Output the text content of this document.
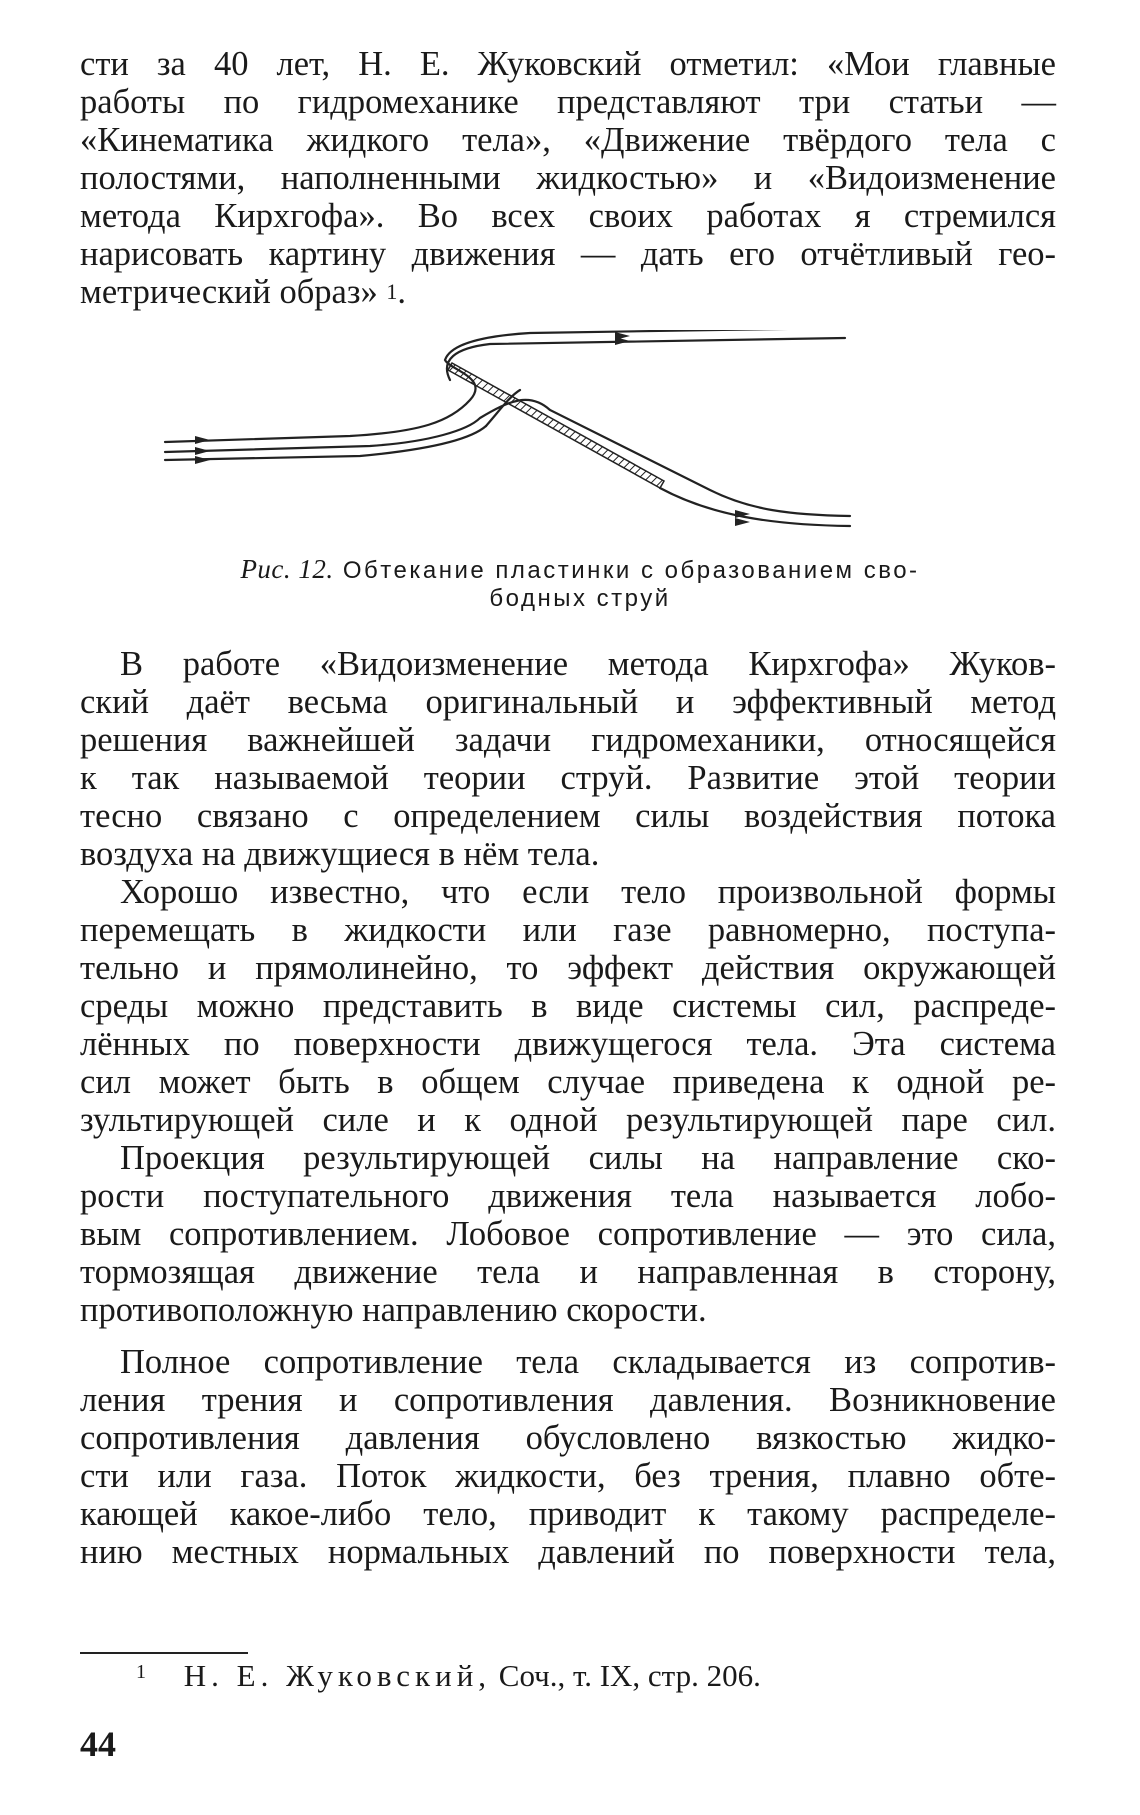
сти за 40 лет, Н. Е. Жуковский отметил: «Мои главные
работы по гидромеханике представляют три статьи —
«Кинематика жидкого тела», «Движение твёрдого тела с
полостями, наполненными жидкостью» и «Видоизменение
метода Кирхгофа». Во всех своих работах я стремился
нарисовать картину движения — дать его отчётливый гео-
метрический образ» $^1$.
Рис. 12. Обтекание пластинки с образованием сво-
бодных струй
В работе «Видоизменение метода Кирхгофа» Жуков-
ский даёт весьма оригинальный и эффективный метод
решения важнейшей задачи гидромеханики, относящейся
к так называемой теории струй. Развитие этой теории
тесно связано с определением силы воздействия потока
воздуха на движущиеся в нём тела.
Хорошо известно, что если тело произвольной формы
перемещать в жидкости или газе равномерно, поступа-
тельно и прямолинейно, то эффект действия окружающей
среды можно представить в виде системы сил, распреде-
лённых по поверхности движущегося тела. Эта система
сил может быть в общем случае приведена к одной ре-
зультирующей силе и к одной результирующей паре сил.
Проекция результирующей силы на направление ско-
рости поступательного движения тела называется лобо-
вым сопротивлением. Лобовое сопротивление — это сила,
тормозящая движение тела и направленная в сторону,
противоположную направлению скорости.
Полное сопротивление тела складывается из сопротив-
ления трения и сопротивления давления. Возникновение
сопротивления давления обусловлено вязкостью жидко-
сти или газа. Поток жидкости, без трения, плавно обте-
кающей какое-либо тело, приводит к такому распределе-
нию местных нормальных давлений по поверхности тела,
$^1$ Н. Е. Жуковский, Соч., т. IX, стр. 206.
44
